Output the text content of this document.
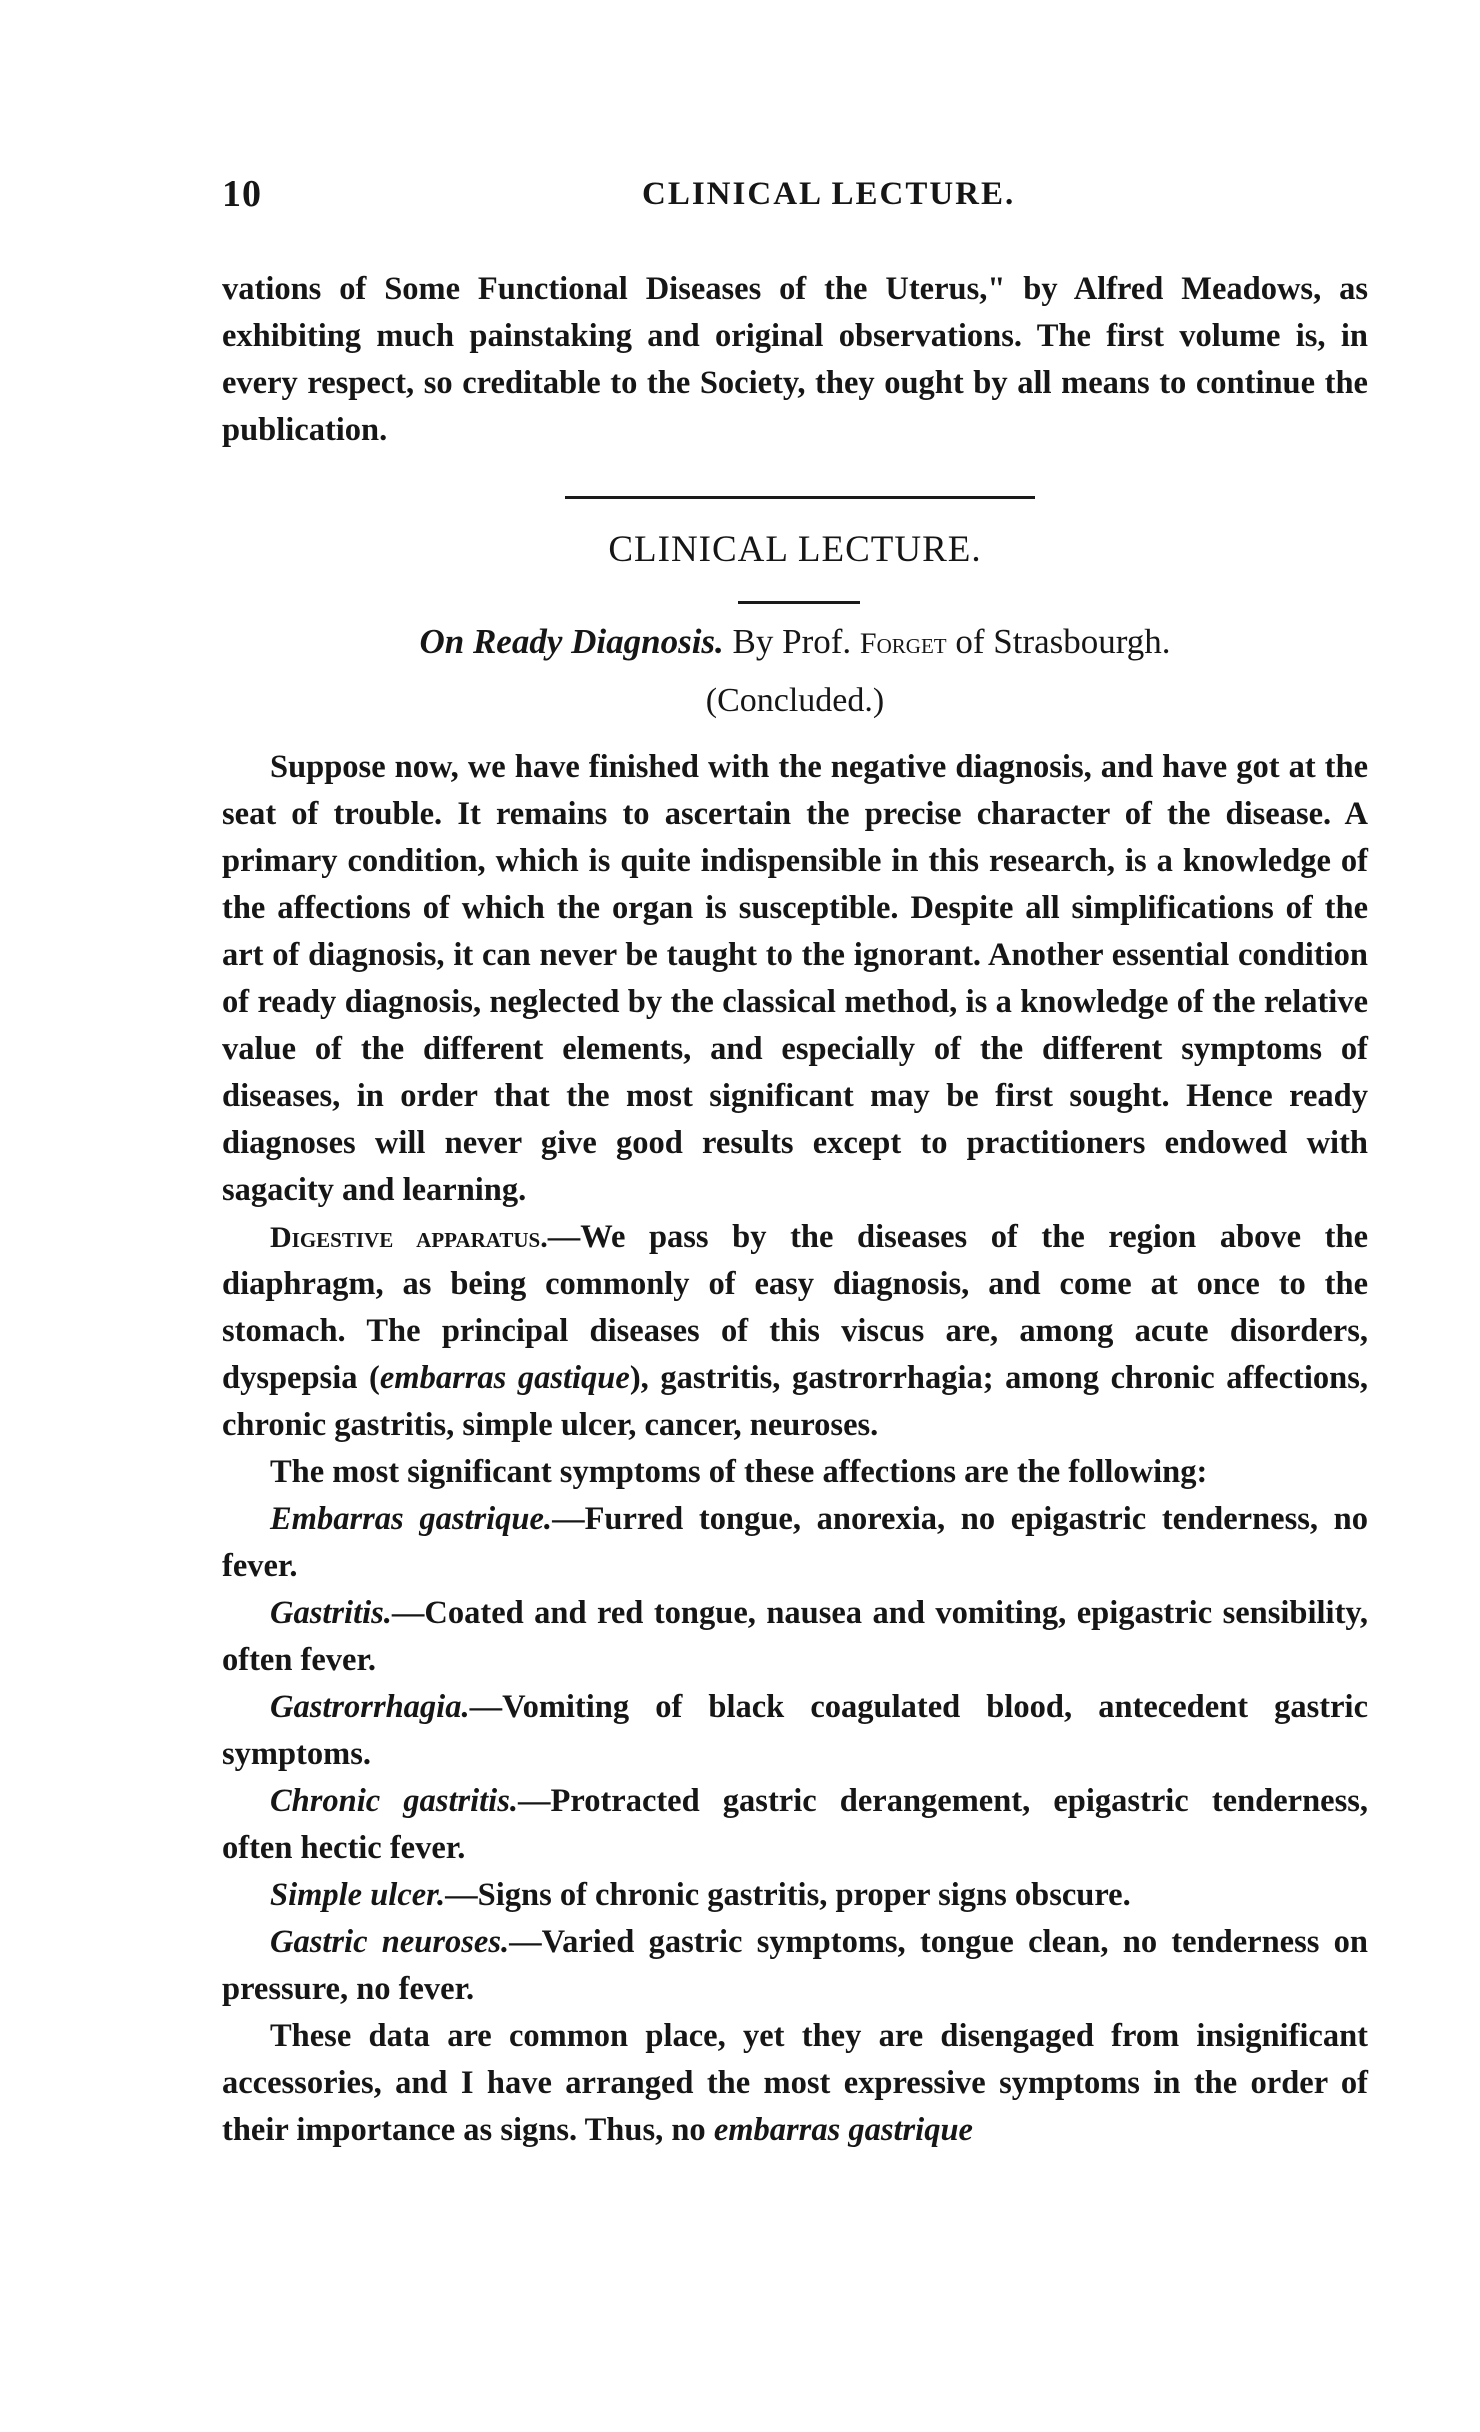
10	CLINICAL LECTURE.

vations of Some Functional Diseases of the Uterus," by Alfred Meadows, as exhibiting much painstaking and original observations. The first volume is, in every respect, so creditable to the Society, they ought by all means to continue the publication.

CLINICAL LECTURE.
On Ready Diagnosis. By Prof. Forget of Strasbourgh.
(Concluded.)

Suppose now, we have finished with the negative diagnosis, and have got at the seat of trouble. It remains to ascertain the precise character of the disease. A primary condition, which is quite indispensible in this research, is a knowledge of the affections of which the organ is susceptible. Despite all simplifications of the art of diagnosis, it can never be taught to the ignorant. Another essential condition of ready diagnosis, neglected by the classical method, is a knowledge of the relative value of the different elements, and especially of the different symptoms of diseases, in order that the most significant may be first sought. Hence ready diagnoses will never give good results except to practitioners endowed with sagacity and learning.

Digestive apparatus.—We pass by the diseases of the region above the diaphragm, as being commonly of easy diagnosis, and come at once to the stomach. The principal diseases of this viscus are, among acute disorders, dyspepsia (embarras gastique), gastritis, gastrorrhagia; among chronic affections, chronic gastritis, simple ulcer, cancer, neuroses.

The most significant symptoms of these affections are the following:

Embarras gastrique.—Furred tongue, anorexia, no epigastric tenderness, no fever.

Gastritis.—Coated and red tongue, nausea and vomiting, epigastric sensibility, often fever.

Gastrorrhagia.—Vomiting of black coagulated blood, antecedent gastric symptoms.

Chronic gastritis.—Protracted gastric derangement, epigastric tenderness, often hectic fever.

Simple ulcer.—Signs of chronic gastritis, proper signs obscure.

Gastric neuroses.—Varied gastric symptoms, tongue clean, no tenderness on pressure, no fever.

These data are common place, yet they are disengaged from insignificant accessories, and I have arranged the most expressive symptoms in the order of their importance as signs. Thus, no embarras gastrique
